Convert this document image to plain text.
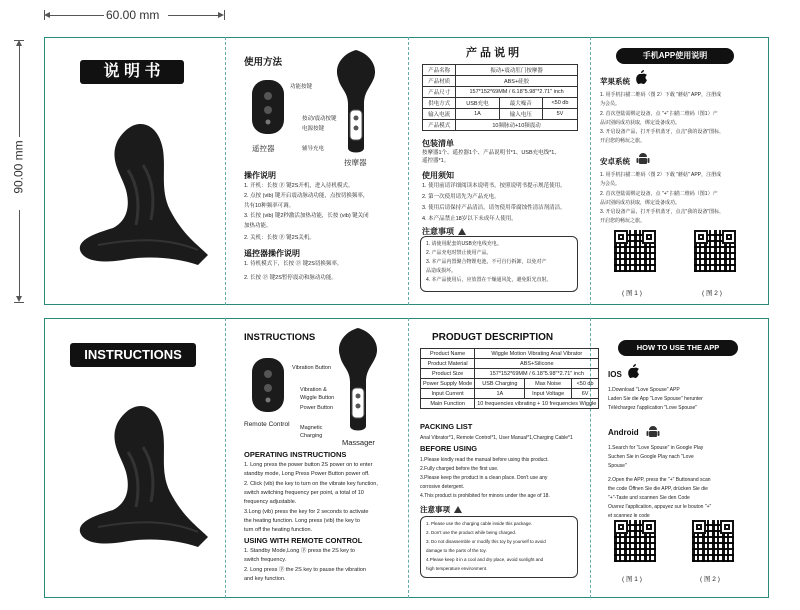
60.00 mm
90.00 mm
说 明 书
使用方法
功能按键
按动/震动按键
电源按键
辅导充电
遥控器
按摩器
操作说明
1. 开机：长按 ⓟ 键2S开机，进入待机模式。
2. 点按 (vib) 键开启震动脉动功能，点按切换频率，
共有10种频率可调。
3. 长按 (vib) 键2秒激活加热功能，长按 (vib) 键关闭
加热功能。
2. 关机：长按 ⓟ 键2S关机。
遥控器操作说明
1. 待机模式下，长按 ⓟ 键2S切换频率。
2. 长按 ⓟ 键2S暂停震动和脉动功能。
产 品 说 明
产品名称	振动+震动肛门按摩器		
产品材质	ABS+硅胶		
产品尺寸	157*152*69MM / 6.18"5.98"*2.71" inch		
供电方式	USB充电	最大噪音	<50 db
输入电流	1A	输入电压	5V
产品模式	10频脉动+10频震动		
包装清单
按摩器1个、遥控器1个、产品说明书*1、USB充电线*1、
遥控器*1。
使用须知
1. 使用前请详细阅读本说明书，按照说明书提示规范使用。
2. 第一次使用请先为产品充电。
3. 使用后请保持产品清洁，请勿使用带腐蚀性清洁剂清洁。
4. 本产品禁止18岁以下未成年人使用。
注意事项
1. 请使用配套的USB充电线充电。
2. 产品充电时禁止使用产品。
3. 本产品内置聚合物锂电池，不可自行拆卸，以免对产
品造成损坏。
4. 本产品使用后，应放置在干燥通风处，避免阳光直射。
手机APP使用说明
苹果系统
1. 用手机扫描二维码（图 2）下载 "蘑菇" APP，注册成
为会员。
2. 首次登陆需绑定设备，点 "+" 扫描二维码（图1）产
品识别码成功获取，绑定设备成功。
3. 开启设备产品，打开手机蓝牙，点击"我的设备"图标，
开启您的畅玩之旅。
安卓系统
1. 用手机扫描二维码（图 2）下载 "蘑菇" APP，注册成
为会员。
2. 首次登陆需绑定设备，点 "+" 扫描二维码（图1）产
品识别码成功获取，绑定设备成功。
3. 开启设备产品，打开手机蓝牙，点击"我的设备"图标，
开启您的畅玩之旅。
( 图 1 )	( 图 2 )
INSTRUCTIONS
INSTRUCTIONS
Vibration Button
Vibration &
Wiggle Button
Power Button
Magnetic
Charging
Remote Control
Massager
OPERATING INSTRUCTIONS
1. Long press the power button 2S power on to enter
standby mode, Long Press Power Button power off.
2. Click (vib) the key to turn on the vibrate key function,
switch switching frequency per point, a total of 10
frequency adjustable.
3.Long (vib) press the key for 2 seconds to activate
the heating function. Long press (vib) the key to
turn off the heating function.
USING WITH REMOTE CONTROL
1. Standby Mode,Long ⓟ press the 2S key to
switch frequency.
2. Long press ⓟ the 2S key to pause the vibration
and key function.
PRODUGT DESCRIPTION
Product Name	Wiggle Motion Vibrating Anal Vibrator		
Product Material	ABS+Silicone		
Product Size	157*152*69MM / 6.18"5.98"*2.71" inch		
Power Supply Mode	USB Charging	Max Noise	<50 db
Input Current	1A	Input Voltage	6V
Main Function	10 frequencies vibrating + 10 frequencies Wiggle		
PACKING LIST
Anal Vibrator*1, Remote Control*1, User Manual*1,Charging Cable*1
BEFORE USING
1.Please kindly read the manual before using this product.
2.Fully charged before the first use.
3.Please keep the product in a clean place. Don't use any
corrosive detergent.
4.This product is prohibited for minors under the age of 18.
注意事项
1. Please use the charging cable inside this package.
2. Don't use the product while being charged.
3. Do not disassemble or modify this toy by yourself to avoid
damage to the parts of the toy.
4.Please keep it in a cool and dry place, avoid sunlight and
high temperature environment.
HOW TO USE THE APP
IOS
1.Download "Love Spouse" APP
Laden Sie die App "Love Spouse" herunter
Téléchargez l'application "Love Spouse"
Android
1.Search for "Love Spouse" in Google Play
Suchen Sie in Google Play nach "Love
Spouse"
2.Open the APP, press the "+" Buttonand scan
the code Öffnen Sie die APP, drücken Sie die
"+"-Taste und scannen Sie den Code
Ouvrez l'application, appuyez sur le bouton "+"
et scannez le code
( 图 1 )	( 图 2 )
